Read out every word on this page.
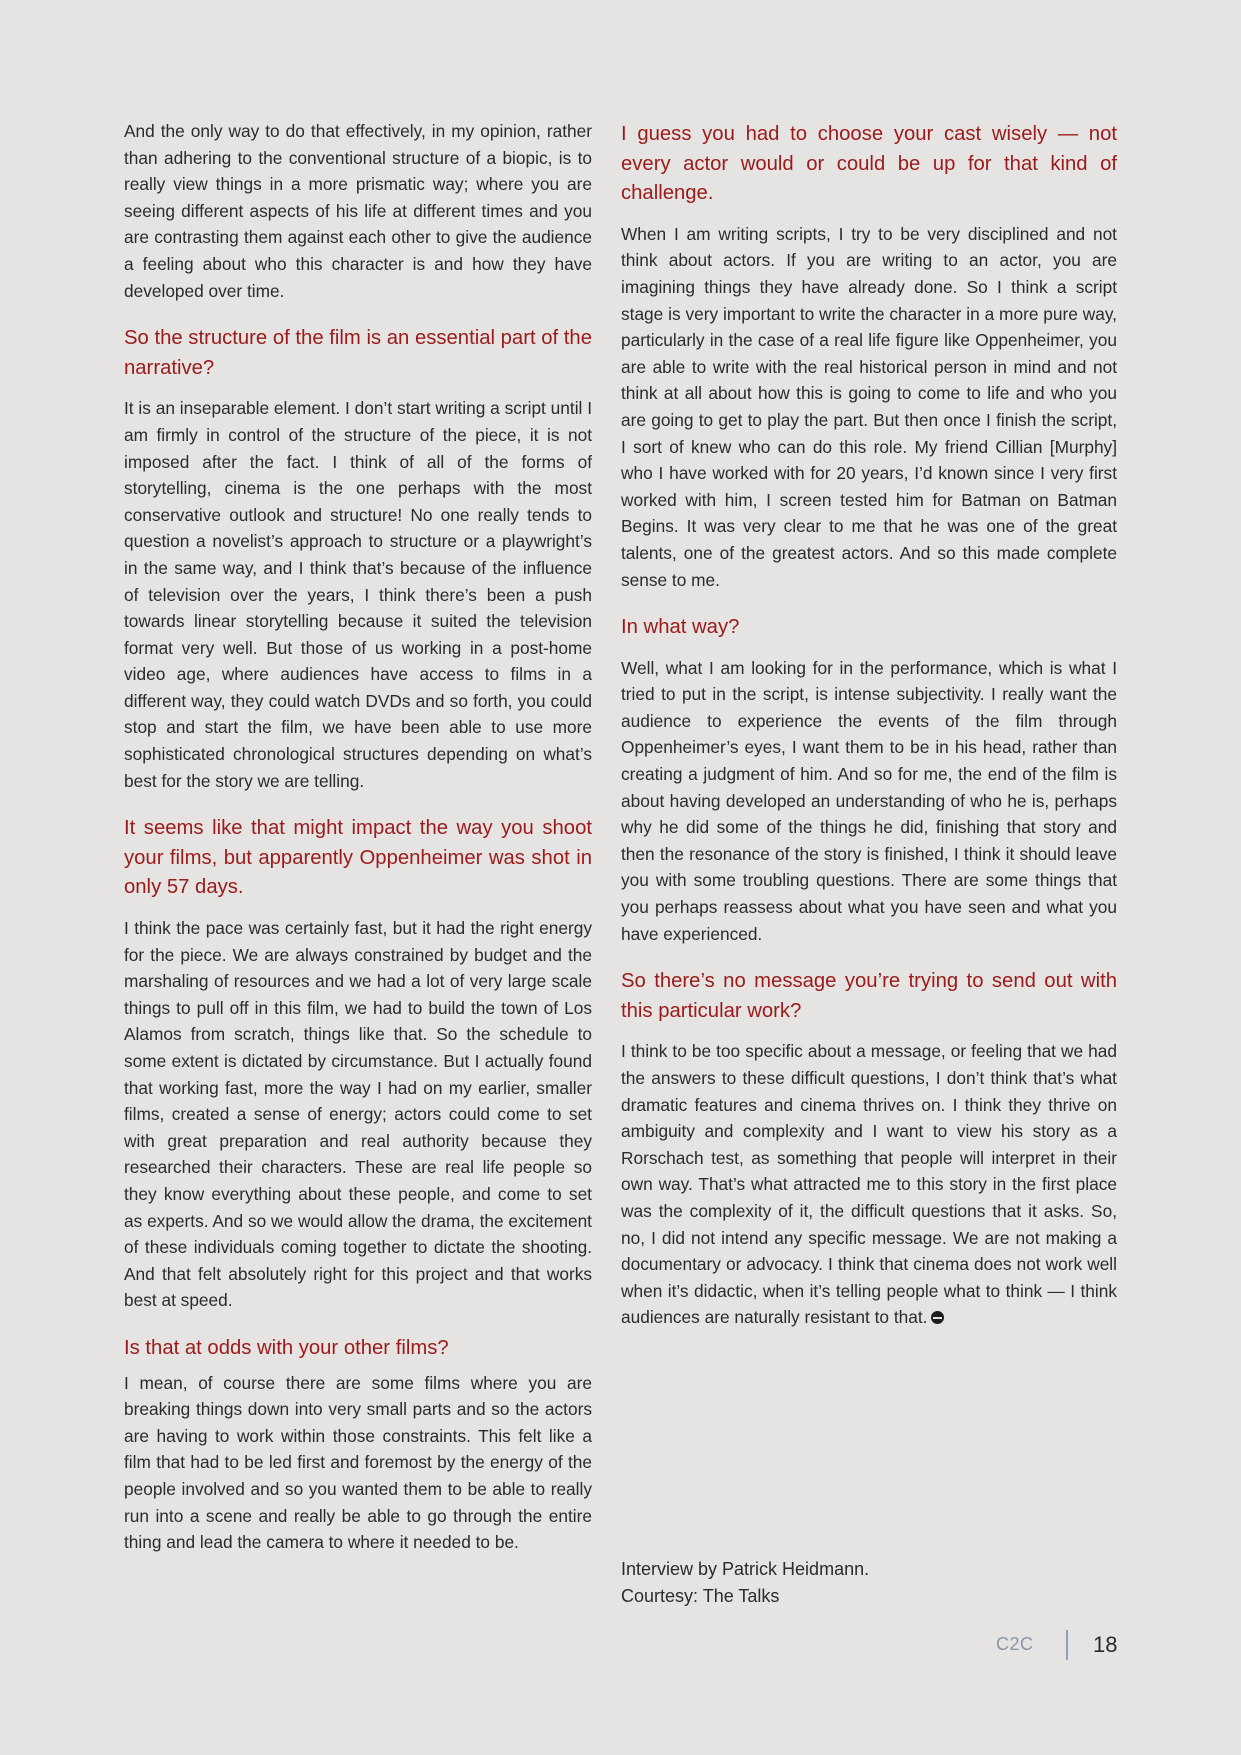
And the only way to do that effectively, in my opinion, rather than adhering to the conventional structure of a biopic, is to really view things in a more prismatic way; where you are seeing different aspects of his life at different times and you are contrasting them against each other to give the audience a feeling about who this character is and how they have developed over time.

So the structure of the film is an essential part of the narrative?

It is an inseparable element. I don’t start writing a script until I am firmly in control of the structure of the piece, it is not imposed after the fact. I think of all of the forms of storytelling, cinema is the one perhaps with the most conservative outlook and structure! No one really tends to question a novelist’s approach to structure or a playwright’s in the same way, and I think that’s because of the influence of television over the years, I think there’s been a push towards linear storytelling because it suited the television format very well. But those of us working in a post-home video age, where audiences have access to films in a different way, they could watch DVDs and so forth, you could stop and start the film, we have been able to use more sophisticated chronological structures depending on what’s best for the story we are telling.

It seems like that might impact the way you shoot your films, but apparently Oppenheimer was shot in only 57 days.

I think the pace was certainly fast, but it had the right energy for the piece. We are always constrained by budget and the marshaling of resources and we had a lot of very large scale things to pull off in this film, we had to build the town of Los Alamos from scratch, things like that. So the schedule to some extent is dictated by circumstance. But I actually found that working fast, more the way I had on my earlier, smaller films, created a sense of energy; actors could come to set with great preparation and real authority because they researched their characters. These are real life people so they know everything about these people, and come to set as experts. And so we would allow the drama, the excitement of these individuals coming together to dictate the shooting. And that felt absolutely right for this project and that works best at speed.

Is that at odds with your other films?

I mean, of course there are some films where you are breaking things down into very small parts and so the actors are having to work within those constraints. This felt like a film that had to be led first and foremost by the energy of the people involved and so you wanted them to be able to really run into a scene and really be able to go through the entire thing and lead the camera to where it needed to be.

I guess you had to choose your cast wisely — not every actor would or could be up for that kind of challenge.

When I am writing scripts, I try to be very disciplined and not think about actors. If you are writing to an actor, you are imagining things they have already done. So I think a script stage is very important to write the character in a more pure way, particularly in the case of a real life figure like Oppenheimer, you are able to write with the real historical person in mind and not think at all about how this is going to come to life and who you are going to get to play the part. But then once I finish the script, I sort of knew who can do this role. My friend Cillian [Murphy] who I have worked with for 20 years, I’d known since I very first worked with him, I screen tested him for Batman on Batman Begins. It was very clear to me that he was one of the great talents, one of the greatest actors. And so this made complete sense to me.

In what way?

Well, what I am looking for in the performance, which is what I tried to put in the script, is intense subjectivity. I really want the audience to experience the events of the film through Oppenheimer’s eyes, I want them to be in his head, rather than creating a judgment of him. And so for me, the end of the film is about having developed an understanding of who he is, perhaps why he did some of the things he did, finishing that story and then the resonance of the story is finished, I think it should leave you with some troubling questions. There are some things that you perhaps reassess about what you have seen and what you have experienced.

So there’s no message you’re trying to send out with this particular work?

I think to be too specific about a message, or feeling that we had the answers to these difficult questions, I don’t think that’s what dramatic features and cinema thrives on. I think they thrive on ambiguity and complexity and I want to view his story as a Rorschach test, as something that people will interpret in their own way. That’s what attracted me to this story in the first place was the complexity of it, the difficult questions that it asks. So, no, I did not intend any specific message. We are not making a documentary or advocacy. I think that cinema does not work well when it’s didactic, when it’s telling people what to think — I think audiences are naturally resistant to that.

Interview by Patrick Heidmann.

Courtesy: The Talks

C2C	18
